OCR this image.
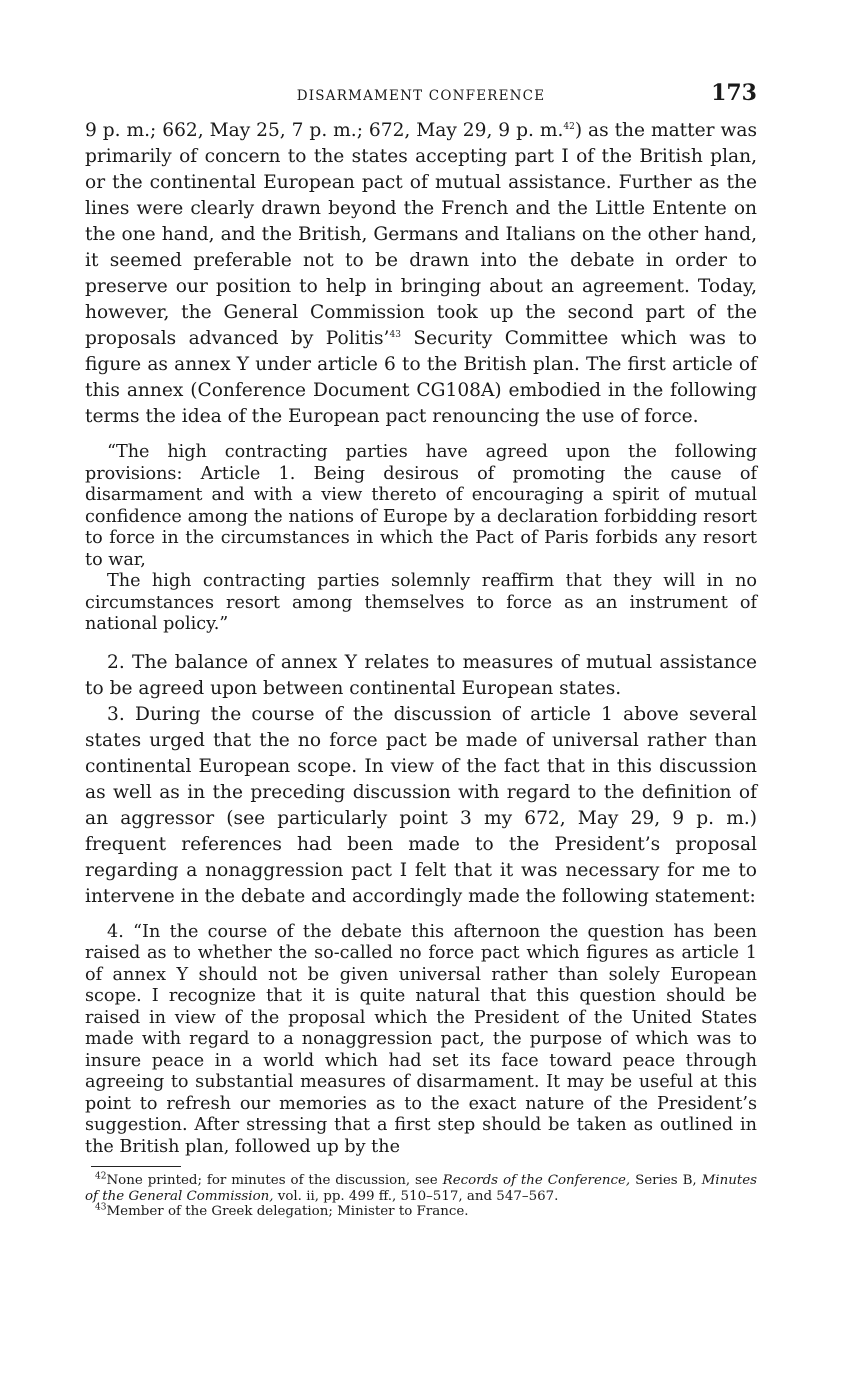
DISARMAMENT CONFERENCE	173

9 p. m.; 662, May 25, 7 p. m.; 672, May 29, 9 p. m.$^{42}$) as the matter was primarily of concern to the states accepting part I of the British plan, or the continental European pact of mutual assistance. Further as the lines were clearly drawn beyond the French and the Little Entente on the one hand, and the British, Germans and Italians on the other hand, it seemed preferable not to be drawn into the debate in order to preserve our position to help in bringing about an agreement. Today, however, the General Commission took up the second part of the proposals advanced by Politis’$^{43}$ Security Committee which was to figure as annex Y under article 6 to the British plan. The first article of this annex (Conference Document CG108A) embodied in the following terms the idea of the European pact renouncing the use of force.

“The high contracting parties have agreed upon the following provisions: Article 1. Being desirous of promoting the cause of disarmament and with a view thereto of encouraging a spirit of mutual confidence among the nations of Europe by a declaration forbidding resort to force in the circumstances in which the Pact of Paris forbids any resort to war,

The high contracting parties solemnly reaffirm that they will in no circumstances resort among themselves to force as an instrument of national policy.”

2. The balance of annex Y relates to measures of mutual assistance to be agreed upon between continental European states.

3. During the course of the discussion of article 1 above several states urged that the no force pact be made of universal rather than continental European scope. In view of the fact that in this discussion as well as in the preceding discussion with regard to the definition of an aggressor (see particularly point 3 my 672, May 29, 9 p. m.) frequent references had been made to the President’s proposal regarding a nonaggression pact I felt that it was necessary for me to intervene in the debate and accordingly made the following statement:

4. “In the course of the debate this afternoon the question has been raised as to whether the so-called no force pact which figures as article 1 of annex Y should not be given universal rather than solely European scope. I recognize that it is quite natural that this question should be raised in view of the proposal which the President of the United States made with regard to a nonaggression pact, the purpose of which was to insure peace in a world which had set its face toward peace through agreeing to substantial measures of disarmament. It may be useful at this point to refresh our memories as to the exact nature of the President’s suggestion. After stressing that a first step should be taken as outlined in the British plan, followed up by the

$^{42}$None printed; for minutes of the discussion, see Records of the Conference, Series B, Minutes of the General Commission, vol. ii, pp. 499 ff., 510–517, and 547–567.

$^{43}$Member of the Greek delegation; Minister to France.
